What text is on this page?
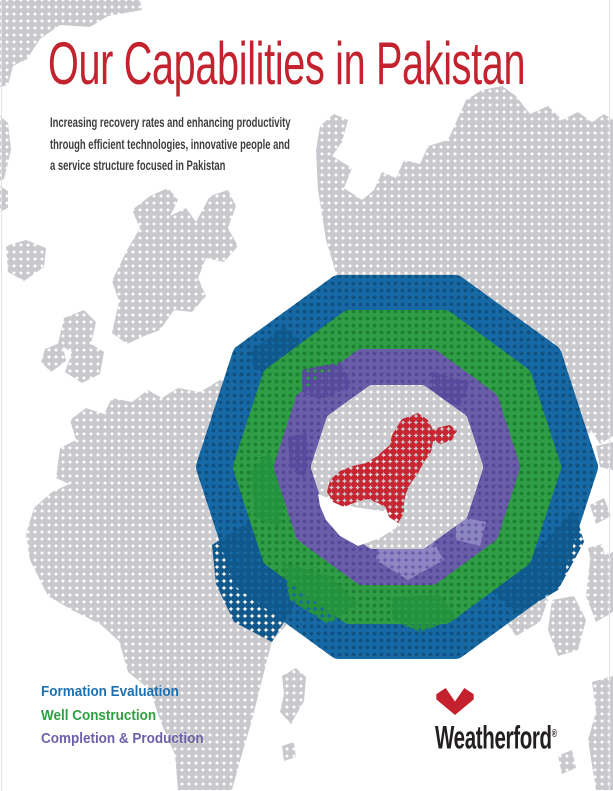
Our Capabilities in Pakistan
Increasing recovery rates and enhancing productivity
through efficient technologies, innovative people and
a service structure focused in Pakistan
Formation Evaluation
Well Construction
Completion & Production	Weatherford®
